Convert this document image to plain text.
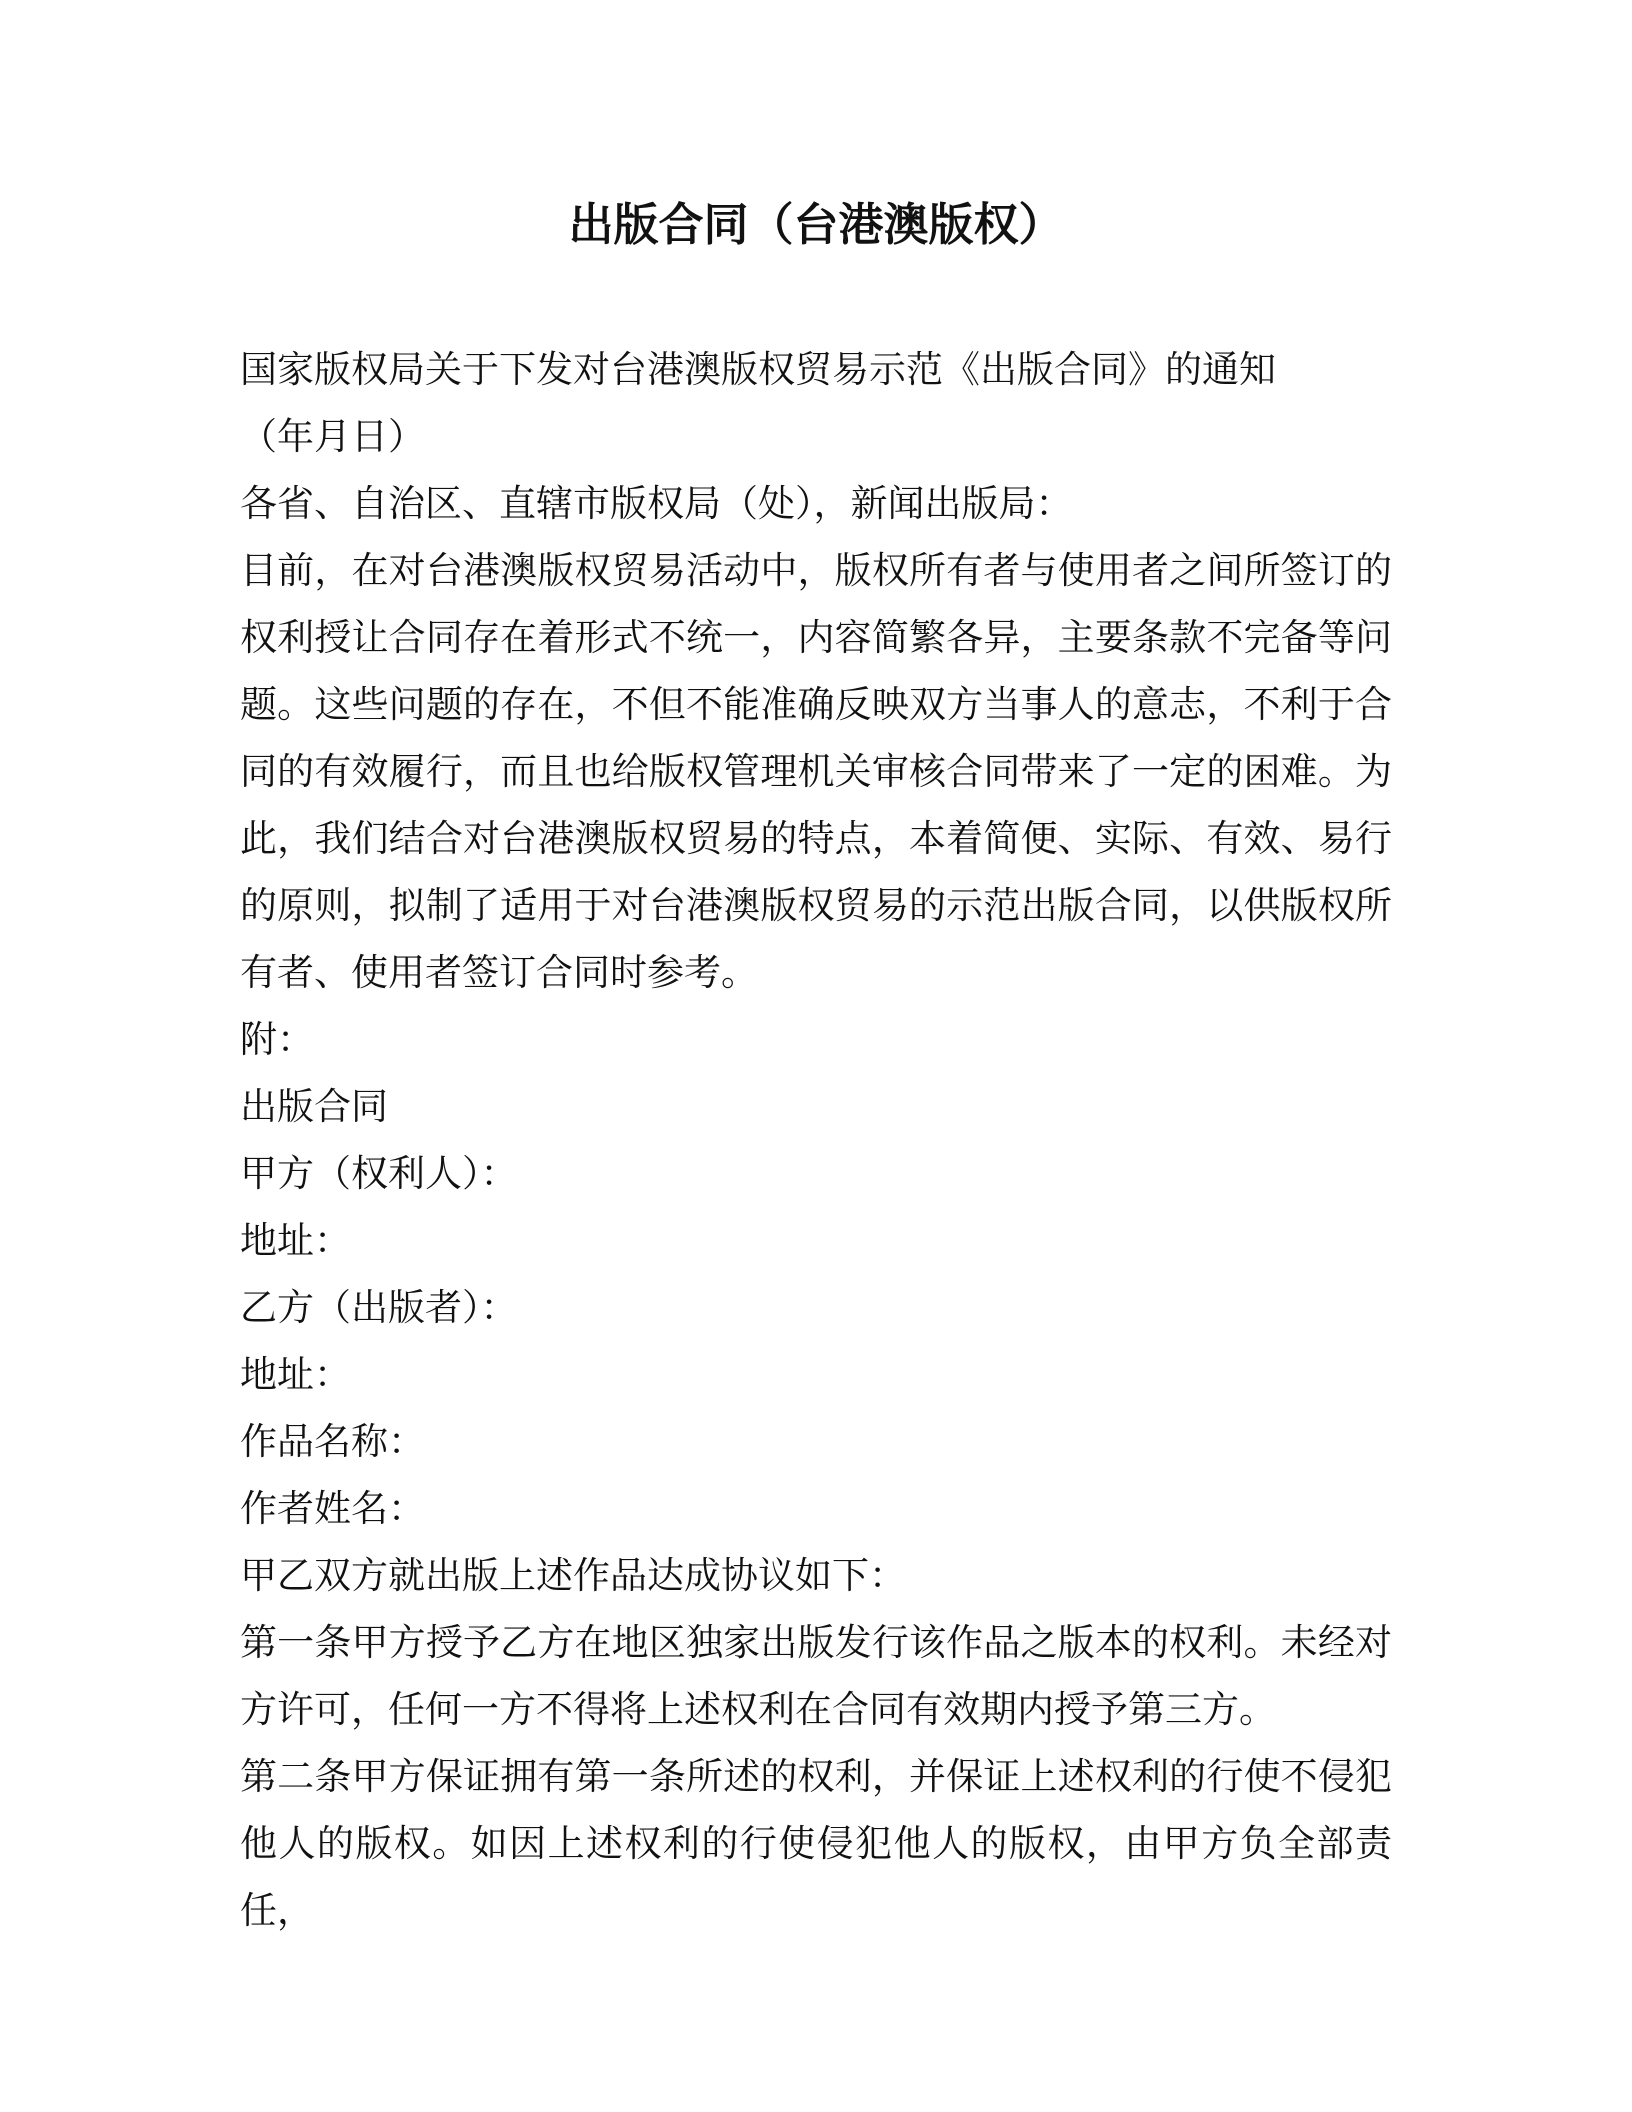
出版合同（台港澳版权）
国家版权局关于下发对台港澳版权贸易示范《出版合同》的通知
（年月日）
各省、自治区、直辖市版权局（处），新闻出版局：
目前，在对台港澳版权贸易活动中，版权所有者与使用者之间所签订的权利授让合同存在着形式不统一，内容简繁各异，主要条款不完备等问题。这些问题的存在，不但不能准确反映双方当事人的意志，不利于合同的有效履行，而且也给版权管理机关审核合同带来了一定的困难。为此，我们结合对台港澳版权贸易的特点，本着简便、实际、有效、易行的原则，拟制了适用于对台港澳版权贸易的示范出版合同，以供版权所有者、使用者签订合同时参考。
附：
出版合同
甲方（权利人）：
地址：
乙方（出版者）：
地址：
作品名称：
作者姓名：
甲乙双方就出版上述作品达成协议如下：
第一条甲方授予乙方在地区独家出版发行该作品之版本的权利。未经对方许可，任何一方不得将上述权利在合同有效期内授予第三方。
第二条甲方保证拥有第一条所述的权利，并保证上述权利的行使不侵犯他人的版权。如因上述权利的行使侵犯他人的版权，由甲方负全部责任，
